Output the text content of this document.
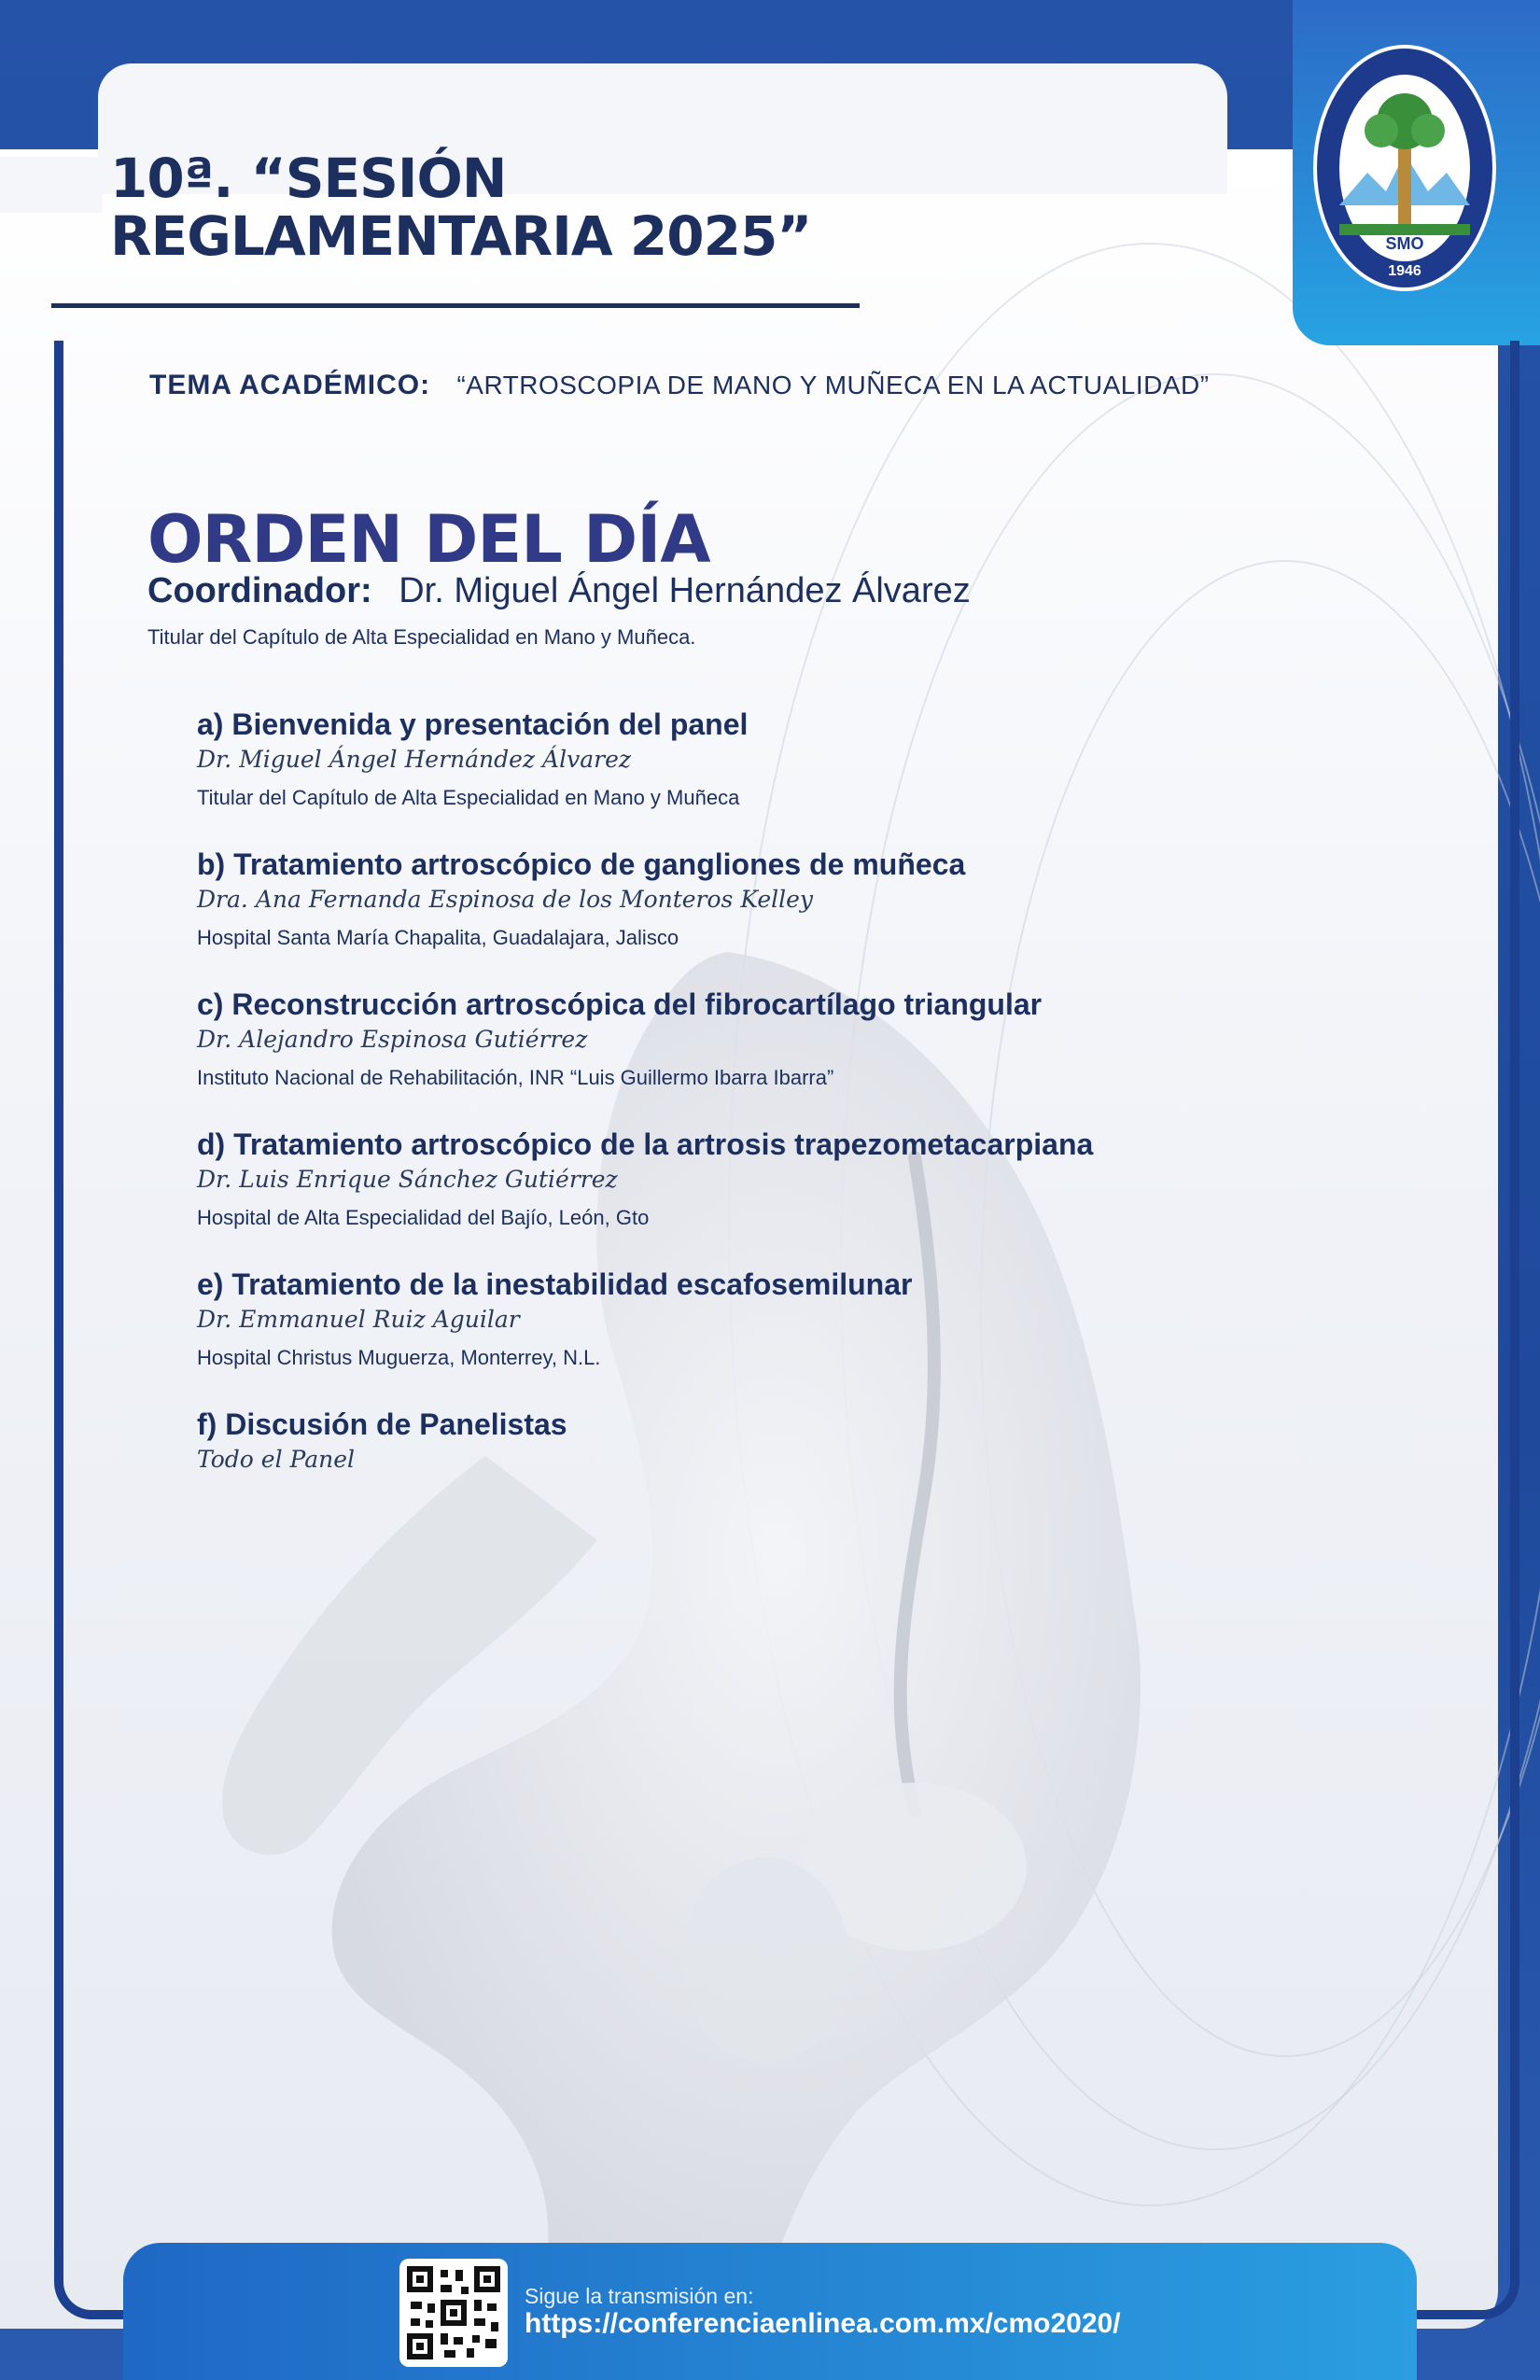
SMO
1946
10ª. “SESIÓN
REGLAMENTARIA 2025”
TEMA ACADÉMICO: “ARTROSCOPIA DE MANO Y MUÑECA EN LA ACTUALIDAD”
ORDEN DEL DÍA
Coordinador: Dr. Miguel Ángel Hernández Álvarez
Titular del Capítulo de Alta Especialidad en Mano y Muñeca.
a) Bienvenida y presentación del panel
Dr. Miguel Ángel Hernández Álvarez
Titular del Capítulo de Alta Especialidad en Mano y Muñeca
b) Tratamiento artroscópico de gangliones de muñeca
Dra. Ana Fernanda Espinosa de los Monteros Kelley
Hospital Santa María Chapalita, Guadalajara, Jalisco
c) Reconstrucción artroscópica del fibrocartílago triangular
Dr. Alejandro Espinosa Gutiérrez
Instituto Nacional de Rehabilitación, INR “Luis Guillermo Ibarra Ibarra”
d) Tratamiento artroscópico de la artrosis trapezometacarpiana
Dr. Luis Enrique Sánchez Gutiérrez
Hospital de Alta Especialidad del Bajío, León, Gto
e) Tratamiento de la inestabilidad escafosemilunar
Dr. Emmanuel Ruiz Aguilar
Hospital Christus Muguerza, Monterrey, N.L.
f) Discusión de Panelistas
Todo el Panel
Sigue la transmisión en:
https://conferenciaenlinea.com.mx/cmo2020/
